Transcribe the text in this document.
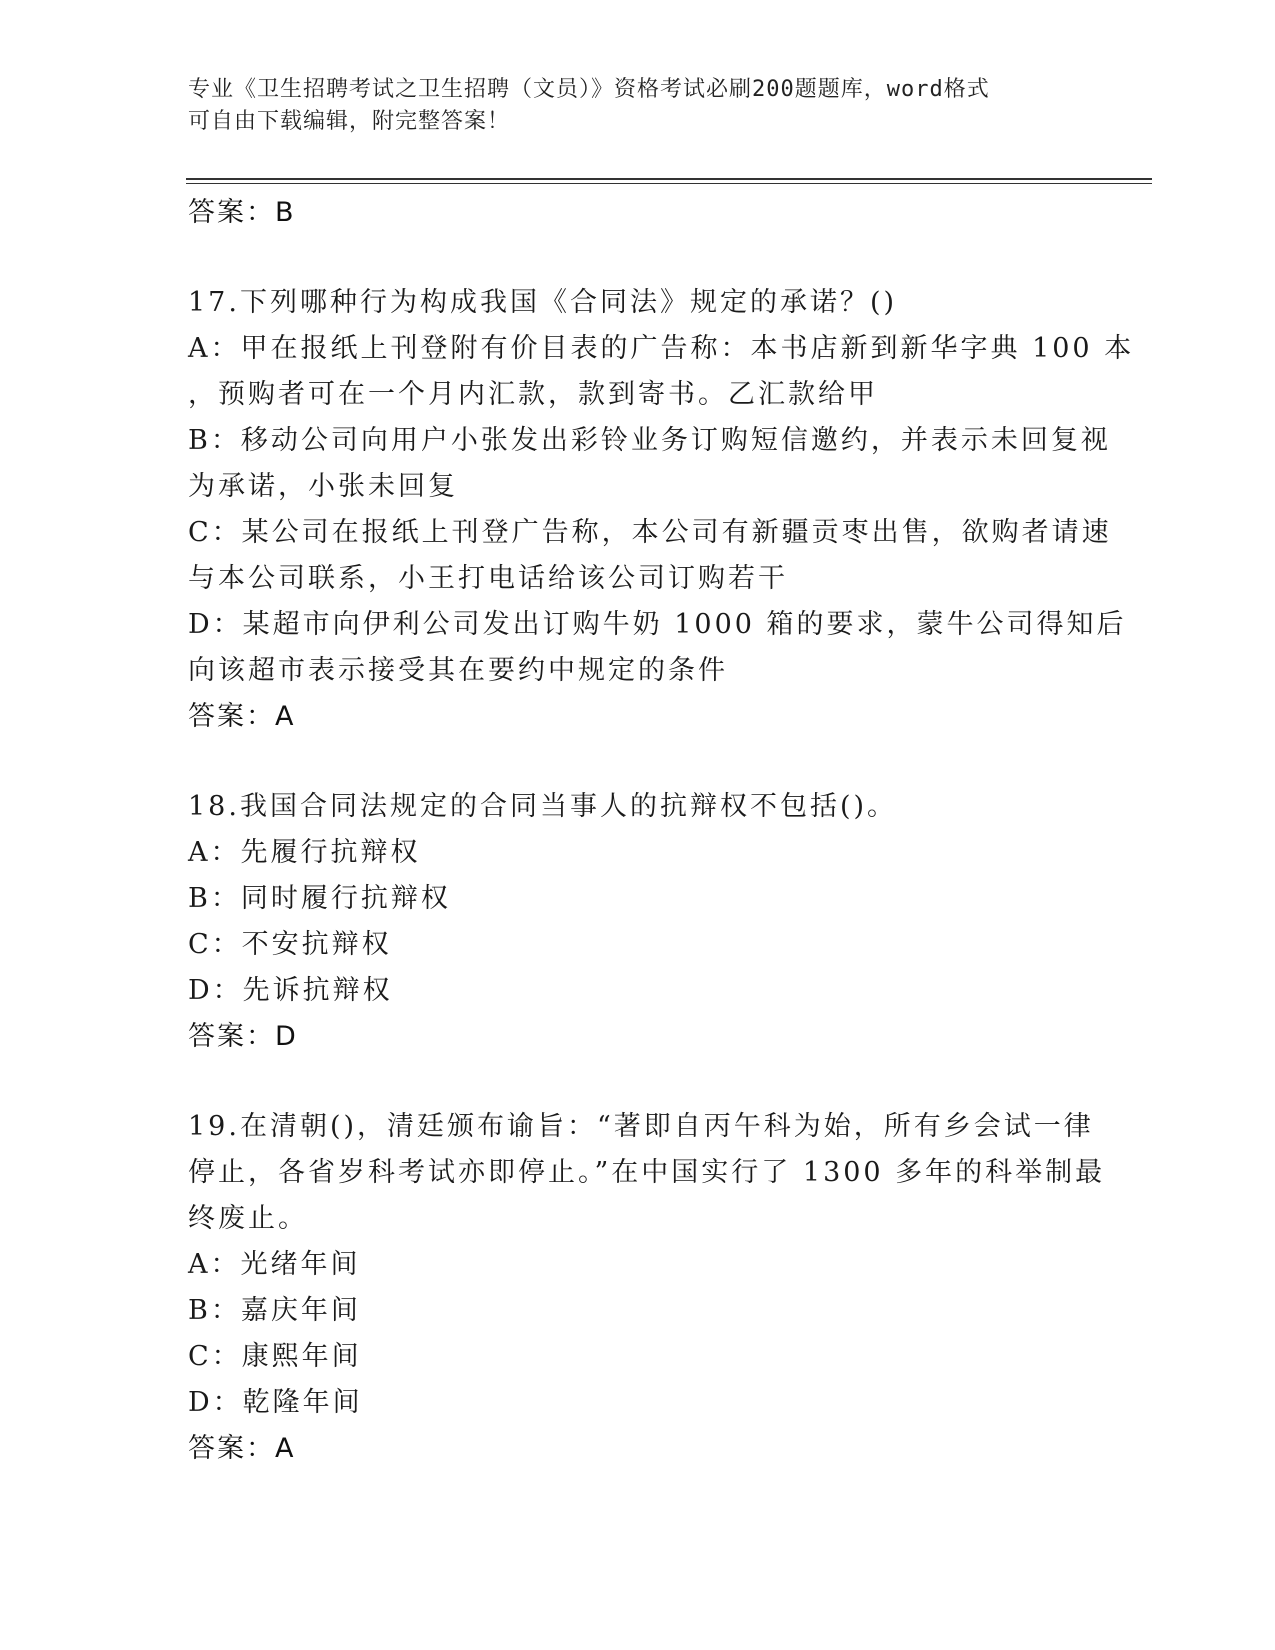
专业《卫生招聘考试之卫生招聘（文员）》资格考试必刷200题题库，word格式
可自由下载编辑，附完整答案！
答案：B
17.下列哪种行为构成我国《合同法》规定的承诺？()
A：甲在报纸上刊登附有价目表的广告称：本书店新到新华字典 100 本
，预购者可在一个月内汇款，款到寄书。乙汇款给甲
B：移动公司向用户小张发出彩铃业务订购短信邀约，并表示未回复视
为承诺，小张未回复
C：某公司在报纸上刊登广告称，本公司有新疆贡枣出售，欲购者请速
与本公司联系，小王打电话给该公司订购若干
D：某超市向伊利公司发出订购牛奶 1000 箱的要求，蒙牛公司得知后
向该超市表示接受其在要约中规定的条件
答案：A
18.我国合同法规定的合同当事人的抗辩权不包括()。
A：先履行抗辩权
B：同时履行抗辩权
C：不安抗辩权
D：先诉抗辩权
答案：D
19.在清朝()，清廷颁布谕旨：“著即自丙午科为始，所有乡会试一律
停止，各省岁科考试亦即停止。”在中国实行了 1300 多年的科举制最
终废止。
A：光绪年间
B：嘉庆年间
C：康熙年间
D：乾隆年间
答案：A
